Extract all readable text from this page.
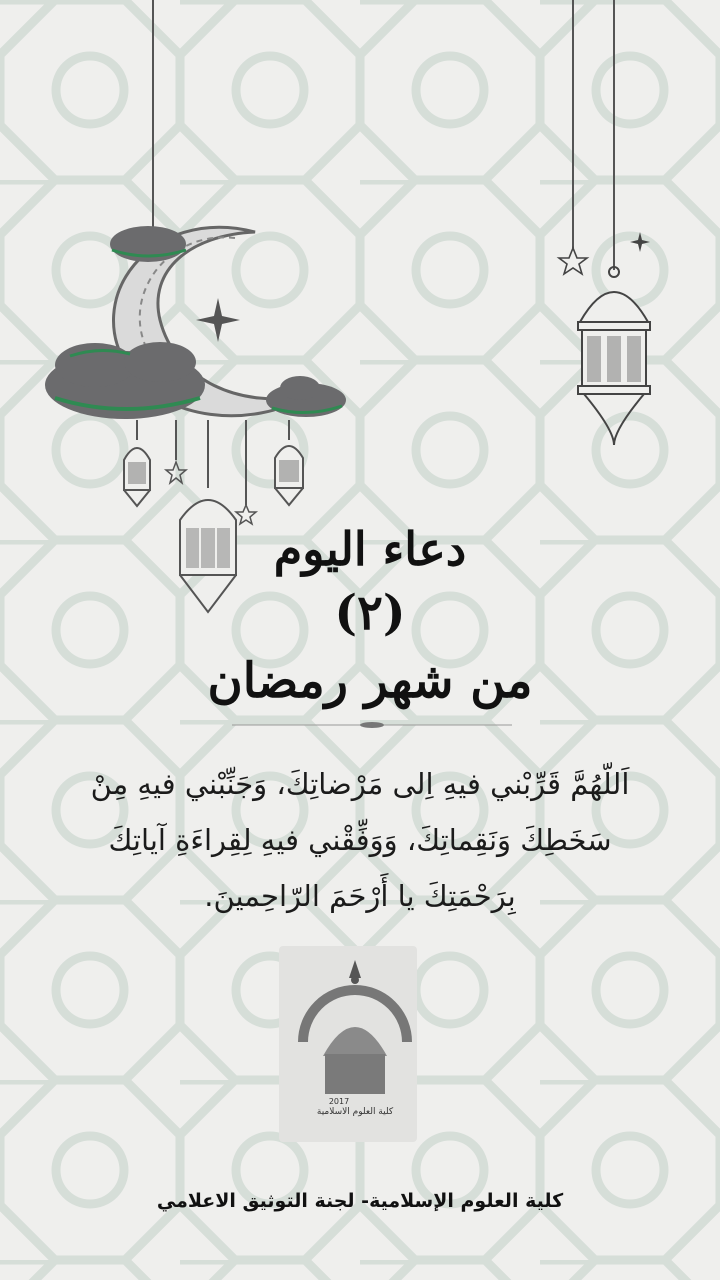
دعاء اليوم
(٢)
من شهر رمضان
اَللّهُمَّ قَرِّبْني فيهِ اِلى مَرْضاتِكَ، وَجَنِّبْني فيهِ مِنْ سَخَطِكَ وَنَقِماتِكَ، وَوَفِّقْني فيهِ لِقِراءَةِ آياتِكَ بِرَحْمَتِكَ يا أَرْحَمَ الرّاحِمينَ.
كلية العلوم الاسلامية
2017
كلية العلوم الإسلامية- لجنة التوثيق الاعلامي
